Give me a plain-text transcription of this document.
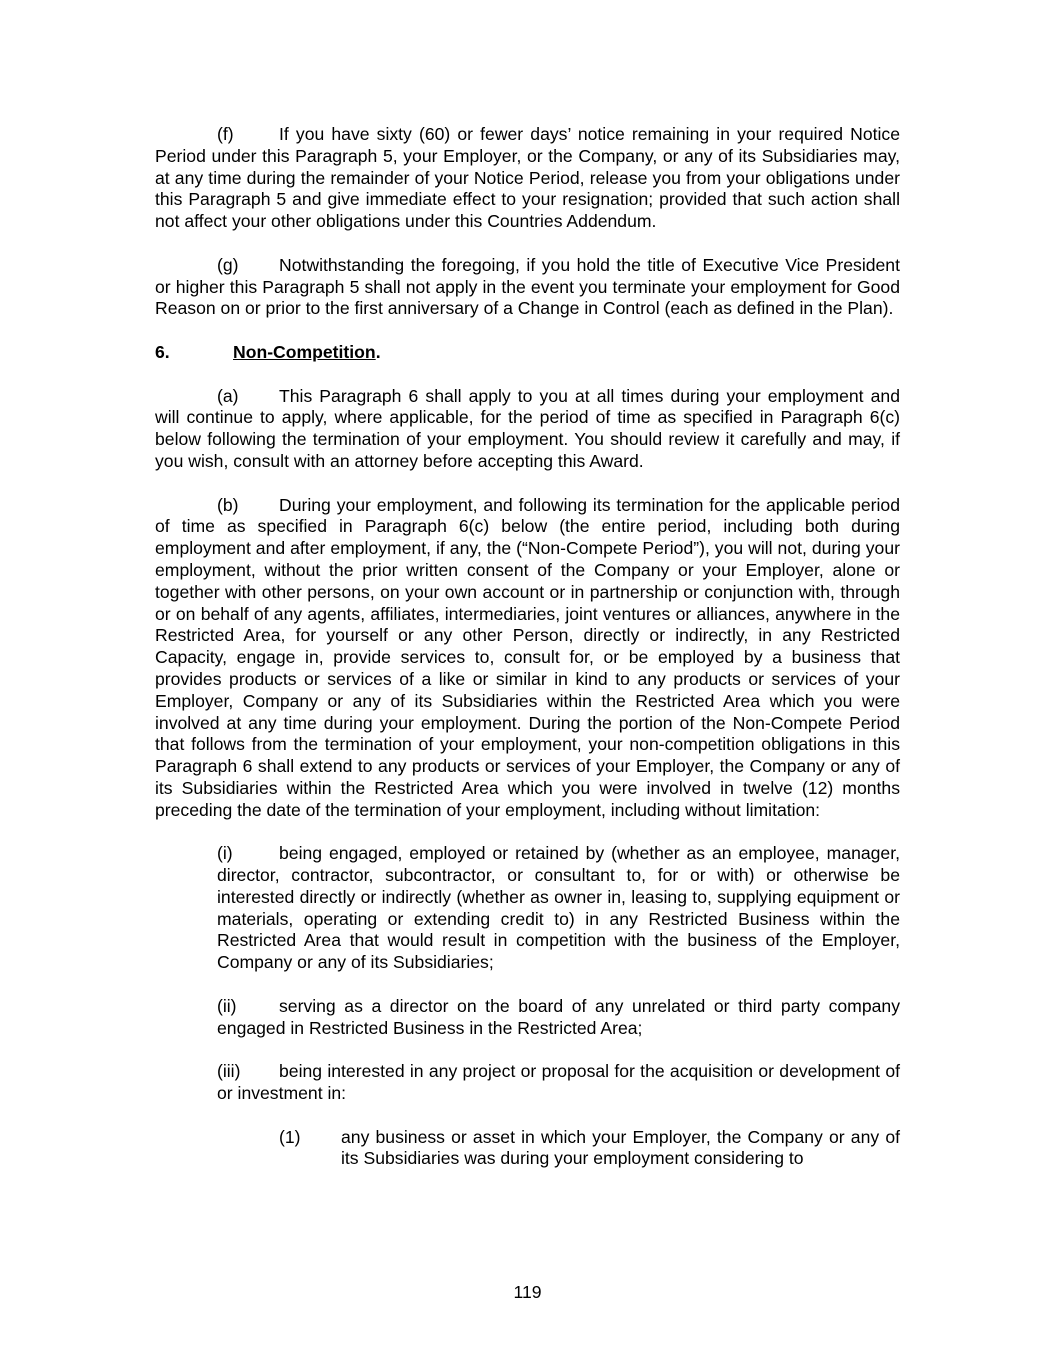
(f)	If you have sixty (60) or fewer days’ notice remaining in your required Notice Period under this Paragraph 5, your Employer, or the Company, or any of its Subsidiaries may, at any time during the remainder of your Notice Period, release you from your obligations under this Paragraph 5 and give immediate effect to your resignation; provided that such action shall not affect your other obligations under this Countries Addendum.

(g) Notwithstanding the foregoing, if you hold the title of Executive Vice President or higher this Paragraph 5 shall not apply in the event you terminate your employment for Good Reason on or prior to the first anniversary of a Change in Control (each as defined in the Plan).

6.	Non-Competition.

(a) This Paragraph 6 shall apply to you at all times during your employment and will continue to apply, where applicable, for the period of time as specified in Paragraph 6(c) below following the termination of your employment. You should review it carefully and may, if you wish, consult with an attorney before accepting this Award.

(b) During your employment, and following its termination for the applicable period of time as specified in Paragraph 6(c) below (the entire period, including both during employment and after employment, if any, the (“Non-Compete Period”), you will not, during your employment, without the prior written consent of the Company or your Employer, alone or together with other persons, on your own account or in partnership or conjunction with, through or on behalf of any agents, affiliates, intermediaries, joint ventures or alliances, anywhere in the Restricted Area, for yourself or any other Person, directly or indirectly, in any Restricted Capacity, engage in, provide services to, consult for, or be employed by a business that provides products or services of a like or similar in kind to any products or services of your Employer, Company or any of its Subsidiaries within the Restricted Area which you were involved at any time during your employment. During the portion of the Non-Compete Period that follows from the termination of your employment, your non-competition obligations in this Paragraph 6 shall extend to any products or services of your Employer, the Company or any of its Subsidiaries within the Restricted Area which you were involved in twelve (12) months preceding the date of the termination of your employment, including without limitation:

(i)	being engaged, employed or retained by (whether as an employee, manager, director, contractor, subcontractor, or consultant to, for or with) or otherwise be interested directly or indirectly (whether as owner in, leasing to, supplying equipment or materials, operating or extending credit to) in any Restricted Business within the Restricted Area that would result in competition with the business of the Employer, Company or any of its Subsidiaries;
(ii) serving as a director on the board of any unrelated or third party company engaged in Restricted Business in the Restricted Area;
(iii) being interested in any project or proposal for the acquisition or development of or investment in:
(1)	any business or asset in which your Employer, the Company or any of its Subsidiaries was during your employment considering to
119
